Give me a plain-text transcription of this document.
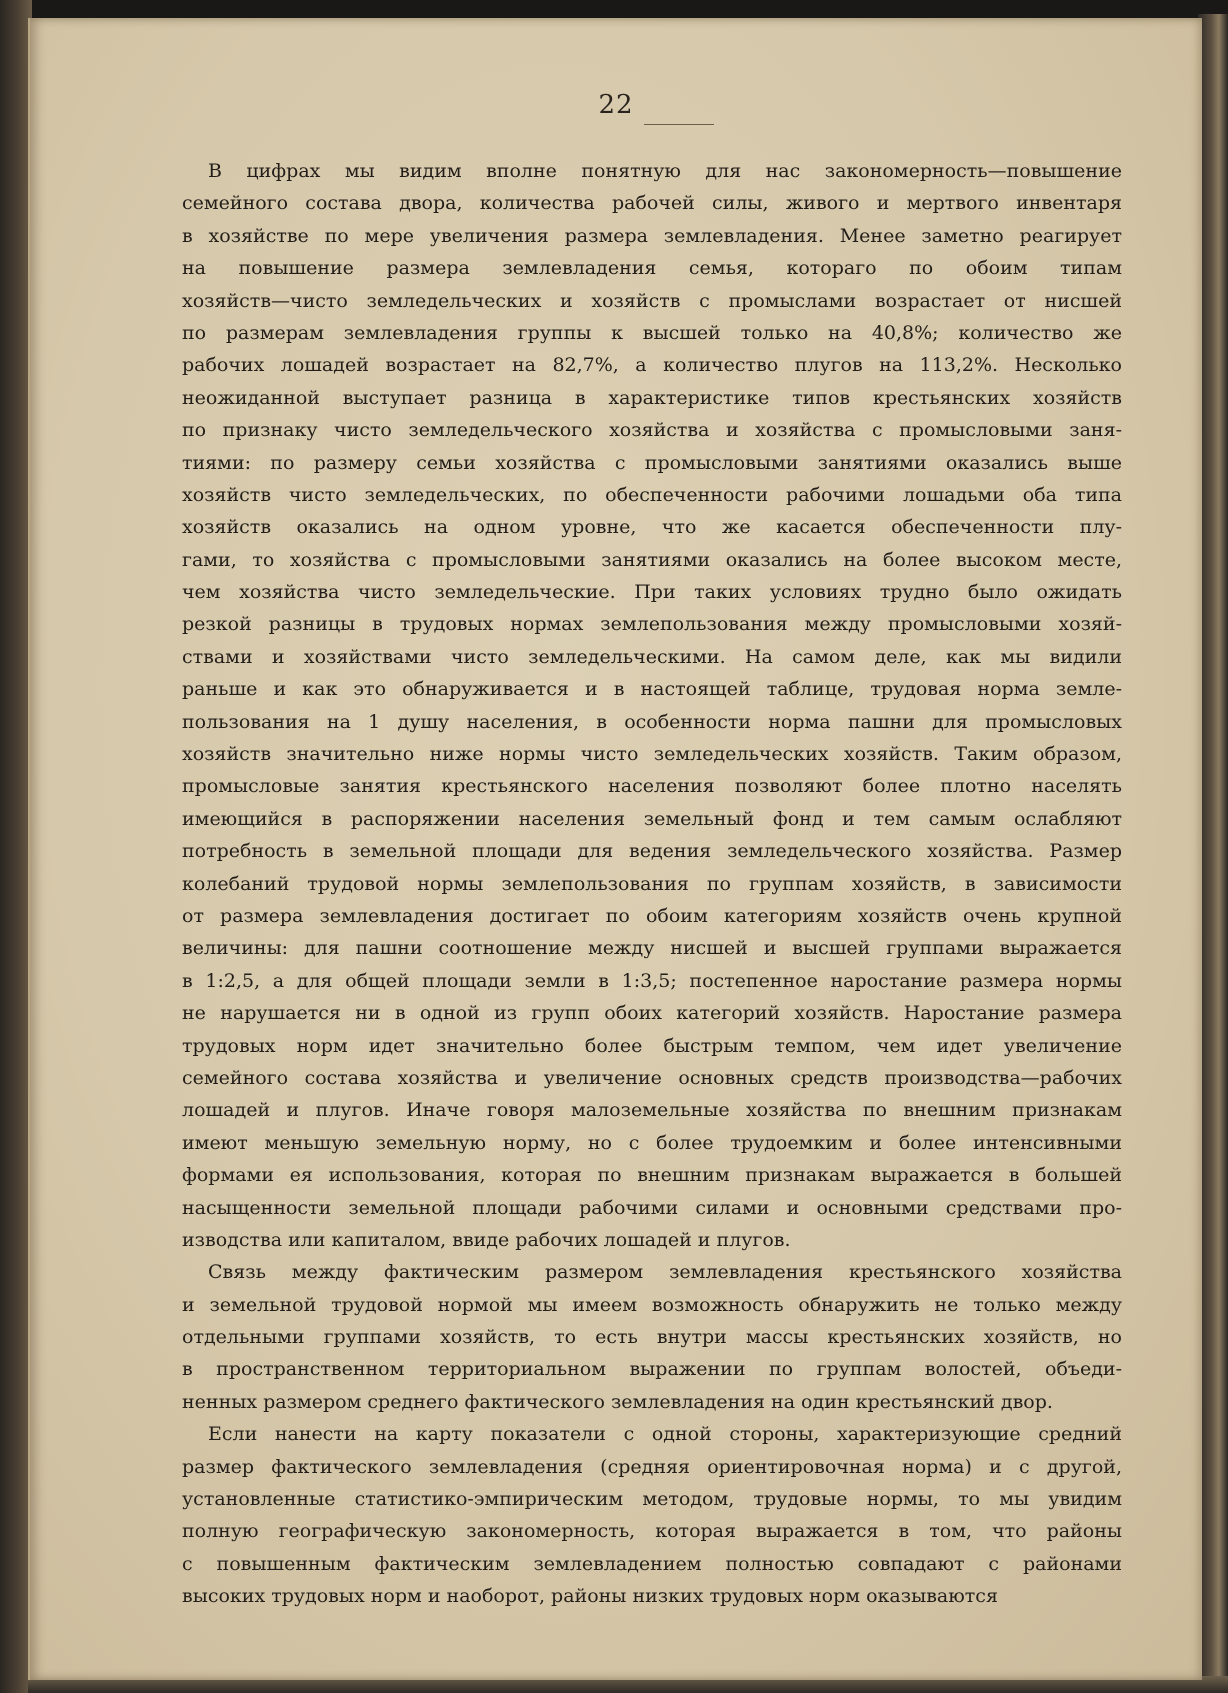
22
В цифрах мы видим вполне понятную для нас закономерность—повышение
семейного состава двора, количества рабочей силы, живого и мертвого инвентаря
в хозяйстве по мере увеличения размера землевладения. Менее заметно реагирует
на повышение размера землевладения семья, котораго по обоим типам
хозяйств—чисто земледельческих и хозяйств с промыслами возрастает от нисшей
по размерам землевладения группы к высшей только на 40,8%; количество же
рабочих лошадей возрастает на 82,7%, а количество плугов на 113,2%. Несколько
неожиданной выступает разница в характеристике типов крестьянских хозяйств
по признаку чисто земледельческого хозяйства и хозяйства с промысловыми заня-
тиями: по размеру семьи хозяйства с промысловыми занятиями оказались выше
хозяйств чисто земледельческих, по обеспеченности рабочими лошадьми оба типа
хозяйств оказались на одном уровне, что же касается обеспеченности плу-
гами, то хозяйства с промысловыми занятиями оказались на более высоком месте,
чем хозяйства чисто земледельческие. При таких условиях трудно было ожидать
резкой разницы в трудовых нормах землепользования между промысловыми хозяй-
ствами и хозяйствами чисто земледельческими. На самом деле, как мы видили
раньше и как это обнаруживается и в настоящей таблице, трудовая норма земле-
пользования на 1 душу населения, в особенности норма пашни для промысловых
хозяйств значительно ниже нормы чисто земледельческих хозяйств. Таким образом,
промысловые занятия крестьянского населения позволяют более плотно населять
имеющийся в распоряжении населения земельный фонд и тем самым ослабляют
потребность в земельной площади для ведения земледельческого хозяйства. Размер
колебаний трудовой нормы землепользования по группам хозяйств, в зависимости
от размера землевладения достигает по обоим категориям хозяйств очень крупной
величины: для пашни соотношение между нисшей и высшей группами выражается
в 1:2,5, а для общей площади земли в 1:3,5; постепенное наростание размера нормы
не нарушается ни в одной из групп обоих категорий хозяйств. Наростание размера
трудовых норм идет значительно более быстрым темпом, чем идет увеличение
семейного состава хозяйства и увеличение основных средств производства—рабочих
лошадей и плугов. Иначе говоря малоземельные хозяйства по внешним признакам
имеют меньшую земельную норму, но с более трудоемким и более интенсивными
формами ея использования, которая по внешним признакам выражается в большей
насыщенности земельной площади рабочими силами и основными средствами про-
изводства или капиталом, ввиде рабочих лошадей и плугов.
Связь между фактическим размером землевладения крестьянского хозяйства
и земельной трудовой нормой мы имеем возможность обнаружить не только между
отдельными группами хозяйств, то есть внутри массы крестьянских хозяйств, но
в пространственном территориальном выражении по группам волостей, объеди-
ненных размером среднего фактического землевладения на один крестьянский двор.
Если нанести на карту показатели с одной стороны, характеризующие средний
размер фактического землевладения (средняя ориентировочная норма) и с другой,
установленные статистико-эмпирическим методом, трудовые нормы, то мы увидим
полную географическую закономерность, которая выражается в том, что районы
с повышенным фактическим землевладением полностью совпадают с районами
высоких трудовых норм и наоборот, районы низких трудовых норм оказываются
